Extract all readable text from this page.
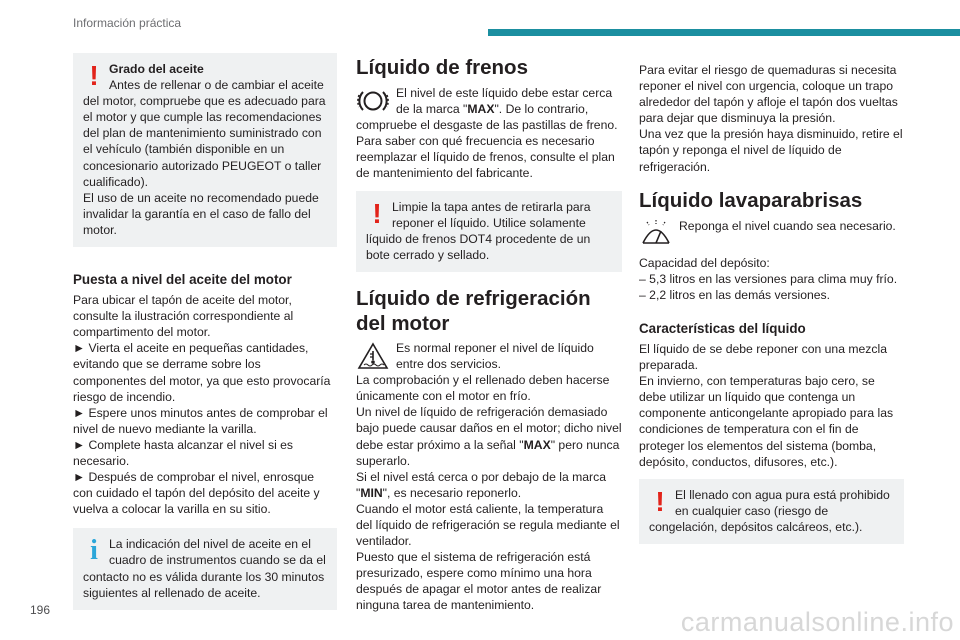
Información práctica
! Grado del aceite

Antes de rellenar o de cambiar el aceite del motor, compruebe que es adecuado para el motor y que cumple las recomendaciones del plan de mantenimiento suministrado con el vehículo (también disponible en un concesionario autorizado PEUGEOT o taller cualificado).

El uso de un aceite no recomendado puede invalidar la garantía en el caso de fallo del motor.

Puesta a nivel del aceite del motor

Para ubicar el tapón de aceite del motor, consulte la ilustración correspondiente al compartimento del motor.

► Vierta el aceite en pequeñas cantidades, evitando que se derrame sobre los componentes del motor, ya que esto provocaría riesgo de incendio.

► Espere unos minutos antes de comprobar el nivel de nuevo mediante la varilla.

► Complete hasta alcanzar el nivel si es necesario.

► Después de comprobar el nivel, enrosque con cuidado el tapón del depósito del aceite y vuelva a colocar la varilla en su sitio.

i La indicación del nivel de aceite en el cuadro de instrumentos cuando se da el contacto no es válida durante los 30 minutos siguientes al rellenado de aceite.

Líquido de frenos

El nivel de este líquido debe estar cerca de la marca "MAX". De lo contrario, compruebe el desgaste de las pastillas de freno.

Para saber con qué frecuencia es necesario reemplazar el líquido de frenos, consulte el plan de mantenimiento del fabricante.

! Limpie la tapa antes de retirarla para reponer el líquido. Utilice solamente líquido de frenos DOT4 procedente de un bote cerrado y sellado.

Líquido de refrigeración del motor

Es normal reponer el nivel de líquido entre dos servicios.

La comprobación y el rellenado deben hacerse únicamente con el motor en frío.

Un nivel de líquido de refrigeración demasiado bajo puede causar daños en el motor; dicho nivel debe estar próximo a la señal "MAX" pero nunca superarlo.

Si el nivel está cerca o por debajo de la marca "MIN", es necesario reponerlo.

Cuando el motor está caliente, la temperatura del líquido de refrigeración se regula mediante el ventilador.

Puesto que el sistema de refrigeración está presurizado, espere como mínimo una hora después de apagar el motor antes de realizar ninguna tarea de mantenimiento.

Para evitar el riesgo de quemaduras si necesita reponer el nivel con urgencia, coloque un trapo alrededor del tapón y afloje el tapón dos vueltas para dejar que disminuya la presión.

Una vez que la presión haya disminuido, retire el tapón y reponga el nivel de líquido de refrigeración.

Líquido lavaparabrisas

Reponga el nivel cuando sea necesario.

Capacidad del depósito:

– 5,3 litros en las versiones para clima muy frío.

– 2,2 litros en las demás versiones.

Características del líquido

El líquido de se debe reponer con una mezcla preparada.

En invierno, con temperaturas bajo cero, se debe utilizar un líquido que contenga un componente anticongelante apropiado para las condiciones de temperatura con el fin de proteger los elementos del sistema (bomba, depósito, conductos, difusores, etc.).

! El llenado con agua pura está prohibido en cualquier caso (riesgo de congelación, depósitos calcáreos, etc.).

196	carmanualsonline.info
